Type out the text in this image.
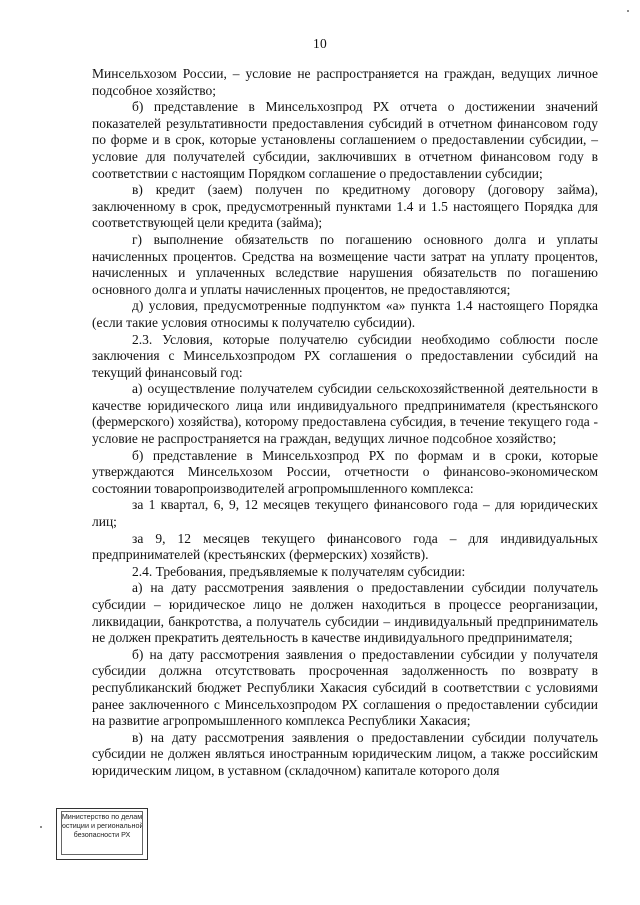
10

Минсельхозом России, – условие не распространяется на граждан, ведущих личное подсобное хозяйство;

б) представление в Минсельхозпрод РХ отчета о достижении значений показателей результативности предоставления субсидий в отчетном финансовом году по форме и в срок, которые установлены соглашением о предоставлении субсидии, – условие для получателей субсидии, заключивших в отчетном финансовом году в соответствии с настоящим Порядком соглашение о предоставлении субсидии;

в) кредит (заем) получен по кредитному договору (договору займа), заключенному в срок, предусмотренный пунктами 1.4 и 1.5 настоящего Порядка для соответствующей цели кредита (займа);

г) выполнение обязательств по погашению основного долга и уплаты начисленных процентов. Средства на возмещение части затрат на уплату процентов, начисленных и уплаченных вследствие нарушения обязательств по погашению основного долга и уплаты начисленных процентов, не предоставляются;

д) условия, предусмотренные подпунктом «а» пункта 1.4 настоящего Порядка (если такие условия относимы к получателю субсидии).

2.3. Условия, которые получателю субсидии необходимо соблюсти после заключения с Минсельхозпродом РХ соглашения о предоставлении субсидий на текущий финансовый год:

а) осуществление получателем субсидии сельскохозяйственной деятельности в качестве юридического лица или индивидуального предпринимателя (крестьянского (фермерского) хозяйства), которому предоставлена субсидия, в течение текущего года - условие не распространяется на граждан, ведущих личное подсобное хозяйство;

б) представление в Минсельхозпрод РХ по формам и в сроки, которые утверждаются Минсельхозом России, отчетности о финансово-экономическом состоянии товаропроизводителей агропромышленного комплекса:

за 1 квартал, 6, 9, 12 месяцев текущего финансового года – для юридических лиц;

за 9, 12 месяцев текущего финансового года – для индивидуальных предпринимателей (крестьянских (фермерских) хозяйств).

2.4. Требования, предъявляемые к получателям субсидии:

а) на дату рассмотрения заявления о предоставлении субсидии получатель субсидии – юридическое лицо не должен находиться в процессе реорганизации, ликвидации, банкротства, а получатель субсидии – индивидуальный предприниматель не должен прекратить деятельность в качестве индивидуального предпринимателя;

б) на дату рассмотрения заявления о предоставлении субсидии у получателя субсидии должна отсутствовать просроченная задолженность по возврату в республиканский бюджет Республики Хакасия субсидий в соответствии с условиями ранее заключенного с Минсельхозпродом РХ соглашения о предоставлении субсидии на развитие агропромышленного комплекса Республики Хакасия;

в) на дату рассмотрения заявления о предоставлении субсидии получатель субсидии не должен являться иностранным юридическим лицом, а также российским юридическим лицом, в уставном (складочном) капитале которого доля

Министерство по делам
юстиции и региональной
безопасности РХ
